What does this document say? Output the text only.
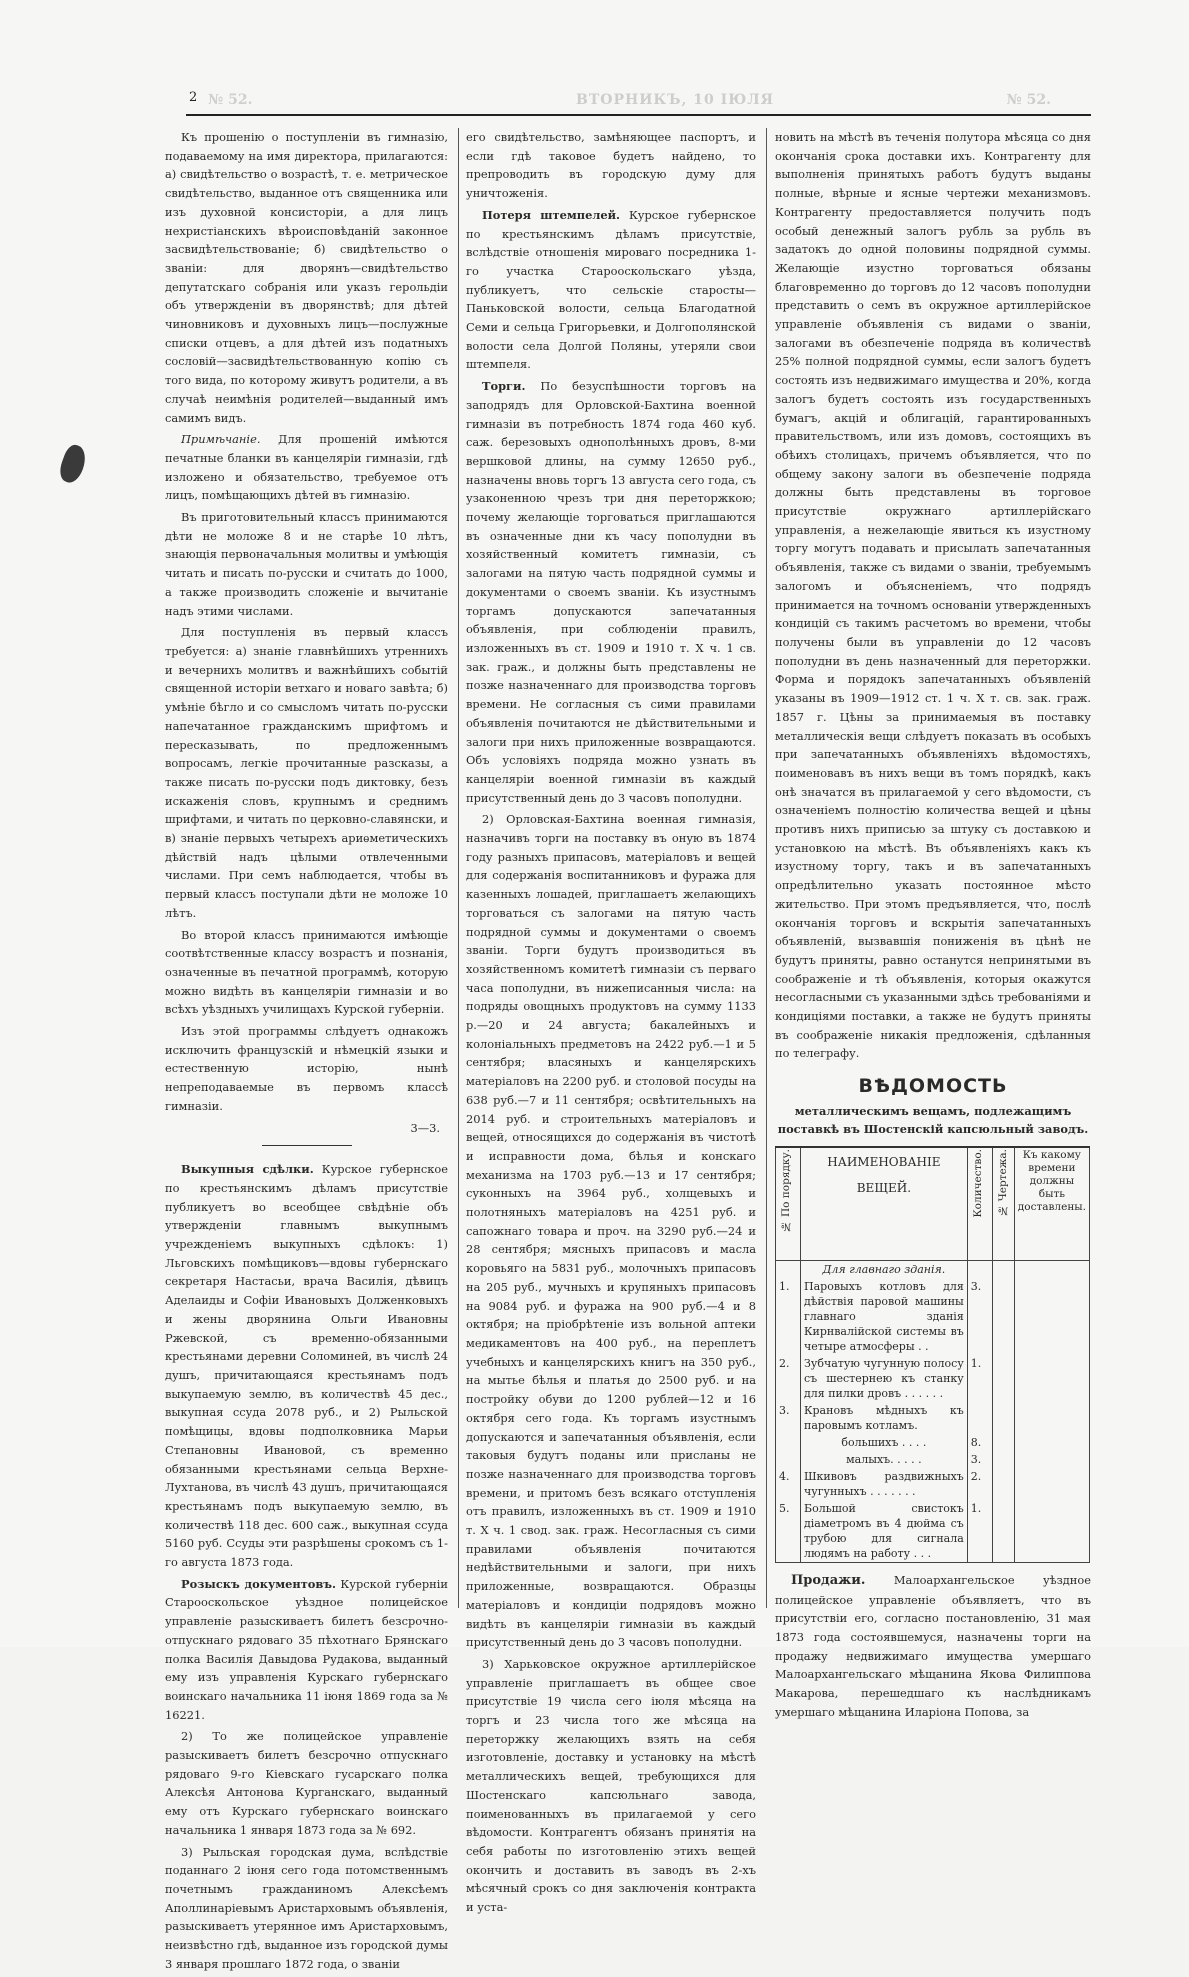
2 № 52.	ВТОРНИКЪ, 10 ІЮЛЯ	№ 52.

Къ прошенію о поступленіи въ гимназію, подаваемому на имя директора, прилагаются: а) свидѣтельство о возрастѣ, т. е. метрическое свидѣтельство, выданное отъ священника или изъ духовной консисторіи, а для лицъ нехристіанскихъ вѣроисповѣданій законное засвидѣтельствованіе; б) свидѣтельство о званіи: для дворянъ—свидѣтельство депутатскаго собранія или указъ герольдіи объ утвержденіи въ дворянствѣ; для дѣтей чиновниковъ и духовныхъ лицъ—послужные списки отцевъ, а для дѣтей изъ податныхъ сословій—засвидѣтельствованную копію съ того вида, по которому живутъ родители, а въ случаѣ неимѣнія родителей—выданный имъ самимъ видъ.

Примѣчаніе. Для прошеній имѣются печатные бланки въ канцеляріи гимназіи, гдѣ изложено и обязательство, требуемое отъ лицъ, помѣщающихъ дѣтей въ гимназію.

Въ приготовительный классъ принимаются дѣти не моложе 8 и не старѣе 10 лѣтъ, знающія первоначальныя молитвы и умѣющія читать и писать по-русски и считать до 1000, а также производить сложеніе и вычитаніе надъ этими числами.

Для поступленія въ первый классъ требуется: а) знаніе главнѣйшихъ утреннихъ и вечернихъ молитвъ и важнѣйшихъ событій священной исторіи ветхаго и новаго завѣта; б) умѣніе бѣгло и со смысломъ читать по-русски напечатанное гражданскимъ шрифтомъ и пересказывать, по предложеннымъ вопросамъ, легкіе прочитанные разсказы, а также писать по-русски подъ диктовку, безъ искаженія словъ, крупнымъ и среднимъ шрифтами, и читать по церковно-славянски, и в) знаніе первыхъ четырехъ ариѳметическихъ дѣйствій надъ цѣлыми отвлеченными числами. При семъ наблюдается, чтобы въ первый классъ поступали дѣти не моложе 10 лѣтъ.

Во второй классъ принимаются имѣющіе соотвѣтственные классу возрастъ и познанія, означенные въ печатной программѣ, которую можно видѣть въ канцеляріи гимназіи и во всѣхъ уѣздныхъ училищахъ Курской губерніи.

Изъ этой программы слѣдуетъ однакожъ исключить французскій и нѣмецкій языки и естественную исторію, нынѣ непреподаваемые въ первомъ классѣ гимназіи.

3—3.

Выкупныя сдѣлки. Курское губернское по крестьянскимъ дѣламъ присутствіе публикуетъ во всеобщее свѣдѣніе объ утвержденіи главнымъ выкупнымъ учрежденіемъ выкупныхъ сдѣлокъ: 1) Льговскихъ помѣщиковъ—вдовы губернскаго секретаря Настасьи, врача Василія, дѣвицъ Аделаиды и Софіи Ивановыхъ Долженковыхъ и жены дворянина Ольги Ивановны Ржевской, съ временно-обязанными крестьянами деревни Соломиней, въ числѣ 24 душъ, причитающаяся крестьянамъ подъ выкупаемую землю, въ количествѣ 45 дес., выкупная ссуда 2078 руб., и 2) Рыльской помѣщицы, вдовы подполковника Марьи Степановны Ивановой, съ временно обязанными крестьянами сельца Верхне-Лухтанова, въ числѣ 43 душъ, причитающаяся крестьянамъ подъ выкупаемую землю, въ количествѣ 118 дес. 600 саж., выкупная ссуда 5160 руб. Ссуды эти разрѣшены срокомъ съ 1-го августа 1873 года.

Розыскъ документовъ. Курской губерніи Старооскольское уѣздное полицейское управленіе разыскиваетъ билетъ безсрочно-отпускнаго рядоваго 35 пѣхотнаго Брянскаго полка Василія Давыдова Рудакова, выданный ему изъ управленія Курскаго губернскаго воинскаго начальника 11 іюня 1869 года за № 16221.

2) То же полицейское управленіе разыскиваетъ билетъ безсрочно отпускнаго рядоваго 9-го Кіевскаго гусарскаго полка Алексѣя Антонова Курганскаго, выданный ему отъ Курскаго губернскаго воинскаго начальника 1 января 1873 года за № 692.

3) Рыльская городская дума, вслѣдствіе поданнаго 2 іюня сего года потомственнымъ почетнымъ гражданиномъ Алексѣемъ Аполлинаріевымъ Аристарховымъ объявленія, разыскиваетъ утерянное имъ Аристарховымъ, неизвѣстно гдѣ, выданное изъ городской думы 3 января прошлаго 1872 года, о званіи

его свидѣтельство, замѣняющее паспортъ, и если гдѣ таковое будетъ найдено, то препроводить въ городскую думу для уничтоженія.

Потеря штемпелей. Курское губернское по крестьянскимъ дѣламъ присутствіе, вслѣдствіе отношенія мироваго посредника 1-го участка Старооскольскаго уѣзда, публикуетъ, что сельскіе старосты—Паньковской волости, сельца Благодатной Семи и сельца Григорьевки, и Долгополянской волости села Долгой Поляны, утеряли свои штемпеля.

Торги. По безуспѣшности торговъ на заподрядъ для Орловской-Бахтина военной гимназіи въ потребность 1874 года 460 куб. саж. березовыхъ однополѣнныхъ дровъ, 8-ми вершковой длины, на сумму 12650 руб., назначены вновь торгъ 13 августа сего года, съ узаконенною чрезъ три дня переторжкою; почему желающіе торговаться приглашаются въ означенные дни къ часу пополудни въ хозяйственный комитетъ гимназіи, съ залогами на пятую часть подрядной суммы и документами о своемъ званіи. Къ изустнымъ торгамъ допускаются запечатанныя объявленія, при соблюденіи правилъ, изложенныхъ въ ст. 1909 и 1910 т. X ч. 1 св. зак. граж., и должны быть представлены не позже назначеннаго для производства торговъ времени. Не согласныя съ сими правилами объявленія почитаются не дѣйствительными и залоги при нихъ приложенные возвращаются. Объ условіяхъ подряда можно узнать въ канцеляріи военной гимназіи въ каждый присутственный день до 3 часовъ пополудни.

2) Орловская-Бахтина военная гимназія, назначивъ торги на поставку въ оную въ 1874 году разныхъ припасовъ, матеріаловъ и вещей для содержанія воспитанниковъ и фуража для казенныхъ лошадей, приглашаетъ желающихъ торговаться съ залогами на пятую часть подрядной суммы и документами о своемъ званіи. Торги будутъ производиться въ хозяйственномъ комитетѣ гимназіи съ перваго часа пополудни, въ нижеписанныя числа: на подряды овощныхъ продуктовъ на сумму 1133 р.—20 и 24 августа; бакалейныхъ и колоніальныхъ предметовъ на 2422 руб.—1 и 5 сентября; власяныхъ и канцелярскихъ матеріаловъ на 2200 руб. и столовой посуды на 638 руб.—7 и 11 сентября; освѣтительныхъ на 2014 руб. и строительныхъ матеріаловъ и вещей, относящихся до содержанія въ чистотѣ и исправности дома, бѣлья и конскаго механизма на 1703 руб.—13 и 17 сентября; суконныхъ на 3964 руб., холщевыхъ и полотняныхъ матеріаловъ на 4251 руб. и сапожнаго товара и проч. на 3290 руб.—24 и 28 сентября; мясныхъ припасовъ и масла коровьяго на 5831 руб., молочныхъ припасовъ на 205 руб., мучныхъ и крупяныхъ припасовъ на 9084 руб. и фуража на 900 руб.—4 и 8 октября; на пріобрѣтеніе изъ вольной аптеки медикаментовъ на 400 руб., на переплетъ учебныхъ и канцелярскихъ книгъ на 350 руб., на мытье бѣлья и платья до 2500 руб. и на постройку обуви до 1200 рублей—12 и 16 октября сего года. Къ торгамъ изустнымъ допускаются и запечатанныя объявленія, если таковыя будутъ поданы или присланы не позже назначеннаго для производства торговъ времени, и притомъ безъ всякаго отступленія отъ правилъ, изложенныхъ въ ст. 1909 и 1910 т. X ч. 1 свод. зак. граж. Несогласныя съ сими правилами объявленія почитаются недѣйствительными и залоги, при нихъ приложенные, возвращаются. Образцы матеріаловъ и кондиціи подрядовъ можно видѣть въ канцеляріи гимназіи въ каждый присутственный день до 3 часовъ пополудни.

3) Харьковское окружное артиллерійское управленіе приглашаетъ въ общее свое присутствіе 19 числа сего іюля мѣсяца на торгъ и 23 числа того же мѣсяца на переторжку желающихъ взять на себя изготовленіе, доставку и установку на мѣстѣ металлическихъ вещей, требующихся для Шостенскаго капсюльнаго завода, поименованныхъ въ прилагаемой у сего вѣдомости. Контрагентъ обязанъ принятія на себя работы по изготовленію этихъ вещей окончить и доставить въ заводъ въ 2-хъ мѣсячный срокъ со дня заключенія контракта и уста-

новить на мѣстѣ въ теченія полутора мѣсяца со дня окончанія срока доставки ихъ. Контрагенту для выполненія принятыхъ работъ будутъ выданы полные, вѣрные и ясные чертежи механизмовъ. Контрагенту предоставляется получить подъ особый денежный залогъ рубль за рубль въ задатокъ до одной половины подрядной суммы. Желающіе изустно торговаться обязаны благовременно до торговъ до 12 часовъ пополудни представить о семъ въ окружное артиллерійское управленіе объявленія съ видами о званіи, залогами въ обезпеченіе подряда въ количествѣ 25% полной подрядной суммы, если залогъ будетъ состоять изъ недвижимаго имущества и 20%, когда залогъ будетъ состоять изъ государственныхъ бумагъ, акцій и облигацій, гарантированныхъ правительствомъ, или изъ домовъ, состоящихъ въ обѣихъ столицахъ, причемъ объявляется, что по общему закону залоги въ обезпеченіе подряда должны быть представлены въ торговое присутствіе окружнаго артиллерійскаго управленія, а нежелающіе явиться къ изустному торгу могутъ подавать и присылать запечатанныя объявленія, также съ видами о званіи, требуемымъ залогомъ и объясненіемъ, что подрядъ принимается на точномъ основаніи утвержденныхъ кондицій съ такимъ расчетомъ во времени, чтобы получены были въ управленіи до 12 часовъ пополудни въ день назначенный для переторжки. Форма и порядокъ запечатанныхъ объявленій указаны въ 1909—1912 ст. 1 ч. X т. св. зак. граж. 1857 г. Цѣны за принимаемыя въ поставку металлическія вещи слѣдуетъ показать въ особыхъ при запечатанныхъ объявленіяхъ вѣдомостяхъ, поименовавъ въ нихъ вещи въ томъ порядкѣ, какъ онѣ значатся въ прилагаемой у сего вѣдомости, съ означеніемъ полностію количества вещей и цѣны противъ нихъ приписью за штуку съ доставкою и установкою на мѣстѣ. Въ объявленіяхъ какъ къ изустному торгу, такъ и въ запечатанныхъ опредѣлительно указать постоянное мѣсто жительство. При этомъ предъявляется, что, послѣ окончанія торговъ и вскрытія запечатанныхъ объявленій, вызвавшія пониженія въ цѣнѣ не будутъ приняты, равно останутся непринятыми въ соображеніе и тѣ объявленія, которыя окажутся несогласными съ указанными здѣсь требованіями и кондиціями поставки, а также не будутъ приняты въ соображеніе никакія предложенія, сдѣланныя по телеграфу.

ВѢДОМОСТЬ
металлическимъ вещамъ, подлежащимъ поставкѣ въ Шостенскій капсюльный заводъ.
№ По порядку.	НАИМЕНОВАНІЕ ВЕЩЕЙ.	Количество.	№ Чертежа.	Къ какому времени должны быть доставлены.
	Для главнаго зданія.			
1.	Паровыхъ котловъ для дѣйствія паровой машины главнаго зданія Кирнвалійской системы въ четыре атмосферы . .	3.		
2.	Зубчатую чугунную полосу съ шестернею къ станку для пилки дровъ . . . . . .	1.		
3.	Крановъ мѣдныхъ къ паровымъ котламъ.			
	большихъ . . . .	8.		
	малыхъ. . . . .	3.		
4.	Шкивовъ раздвижныхъ чугунныхъ . . . . . . .	2.		
5.	Большой свистокъ діаметромъ въ 4 дюйма съ трубою для сигнала людямъ на работу . . .	1.		

Продажи. Малоархангельское уѣздное полицейское управленіе объявляетъ, что въ присутствіи его, согласно постановленію, 31 мая 1873 года состоявшемуся, назначены торги на продажу недвижимаго имущества умершаго Малоархангельскаго мѣщанина Якова Филиппова Макарова, перешедшаго къ наслѣдникамъ умершаго мѣщанина Иларіона Попова, за
